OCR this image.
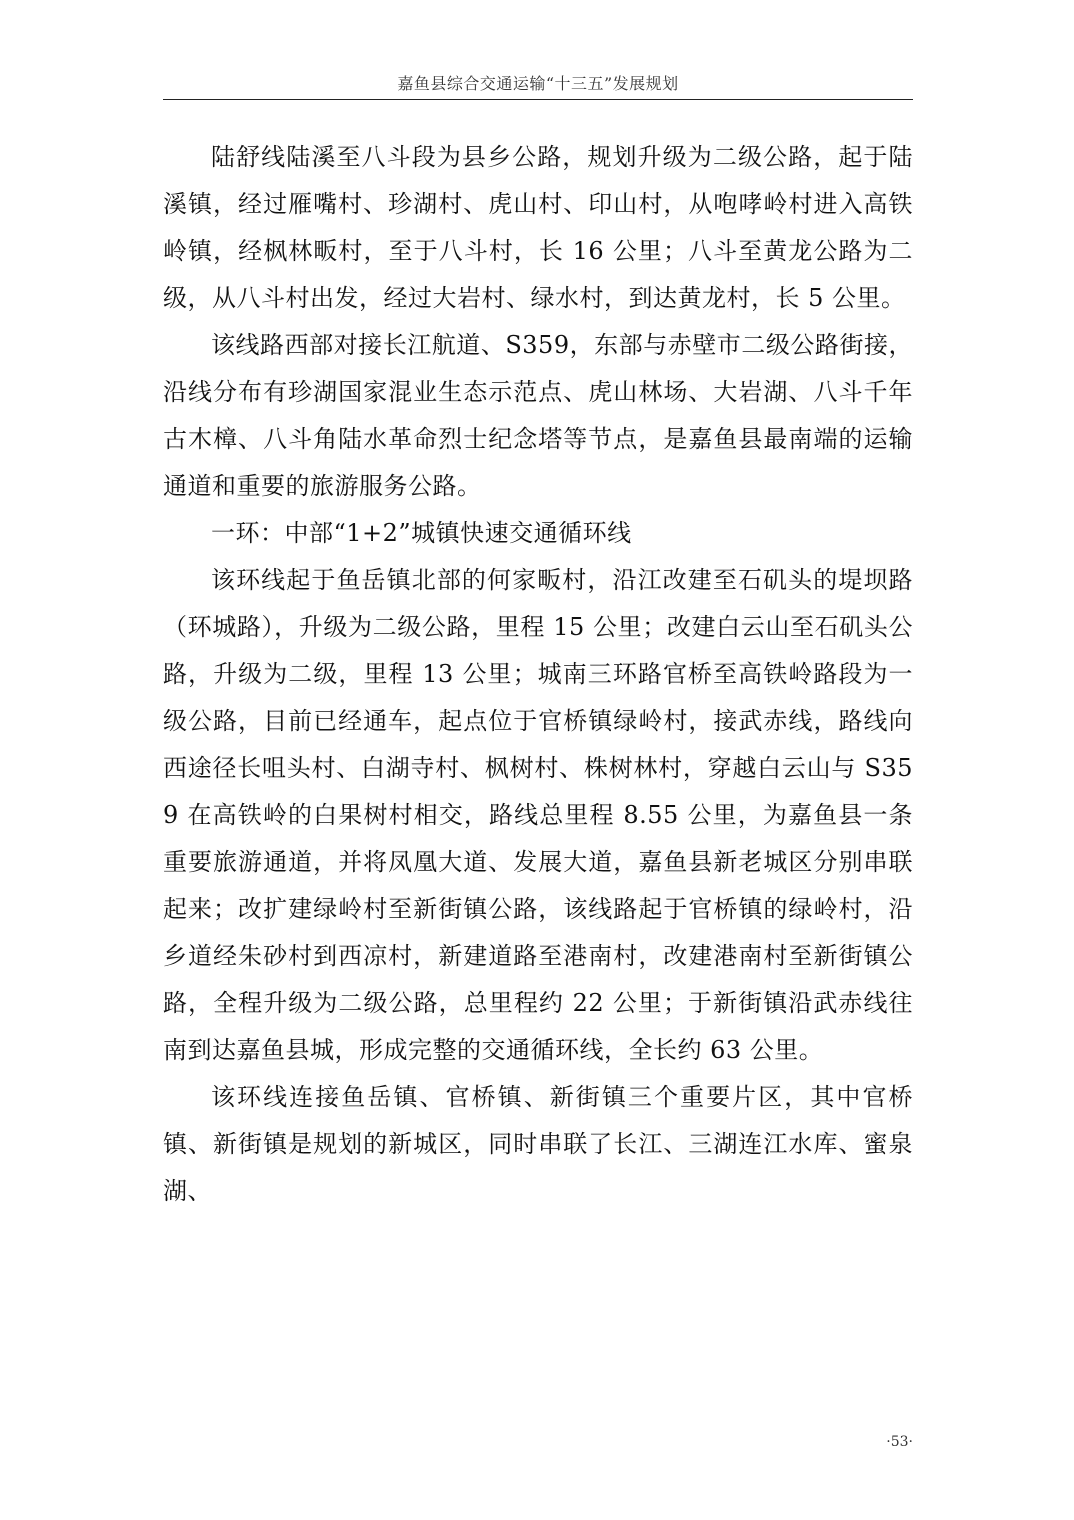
嘉鱼县综合交通运输“十三五”发展规划

陆舒线陆溪至八斗段为县乡公路，规划升级为二级公路，起于陆溪镇，经过雁嘴村、珍湖村、虎山村、印山村，从咆哮岭村进入高铁岭镇，经枫林畈村，至于八斗村，长 16 公里；八斗至黄龙公路为二级，从八斗村出发，经过大岩村、绿水村，到达黄龙村，长 5 公里。

该线路西部对接长江航道、S359，东部与赤壁市二级公路街接，沿线分布有珍湖国家混业生态示范点、虎山林场、大岩湖、八斗千年古木樟、八斗角陆水革命烈士纪念塔等节点，是嘉鱼县最南端的运输通道和重要的旅游服务公路。

一环：中部“1+2”城镇快速交通循环线

该环线起于鱼岳镇北部的何家畈村，沿江改建至石矶头的堤坝路（环城路），升级为二级公路，里程 15 公里；改建白云山至石矶头公路，升级为二级，里程 13 公里；城南三环路官桥至高铁岭路段为一级公路，目前已经通车，起点位于官桥镇绿岭村，接武赤线，路线向西途径长咀头村、白湖寺村、枫树村、株树林村，穿越白云山与 S359 在高铁岭的白果树村相交，路线总里程 8.55 公里，为嘉鱼县一条重要旅游通道，并将凤凰大道、发展大道，嘉鱼县新老城区分别串联起来；改扩建绿岭村至新街镇公路，该线路起于官桥镇的绿岭村，沿乡道经朱砂村到西凉村，新建道路至港南村，改建港南村至新街镇公路，全程升级为二级公路，总里程约 22 公里；于新街镇沿武赤线往南到达嘉鱼县城，形成完整的交通循环线，全长约 63 公里。

该环线连接鱼岳镇、官桥镇、新街镇三个重要片区，其中官桥镇、新街镇是规划的新城区，同时串联了长江、三湖连江水库、蜜泉湖、

·53·
